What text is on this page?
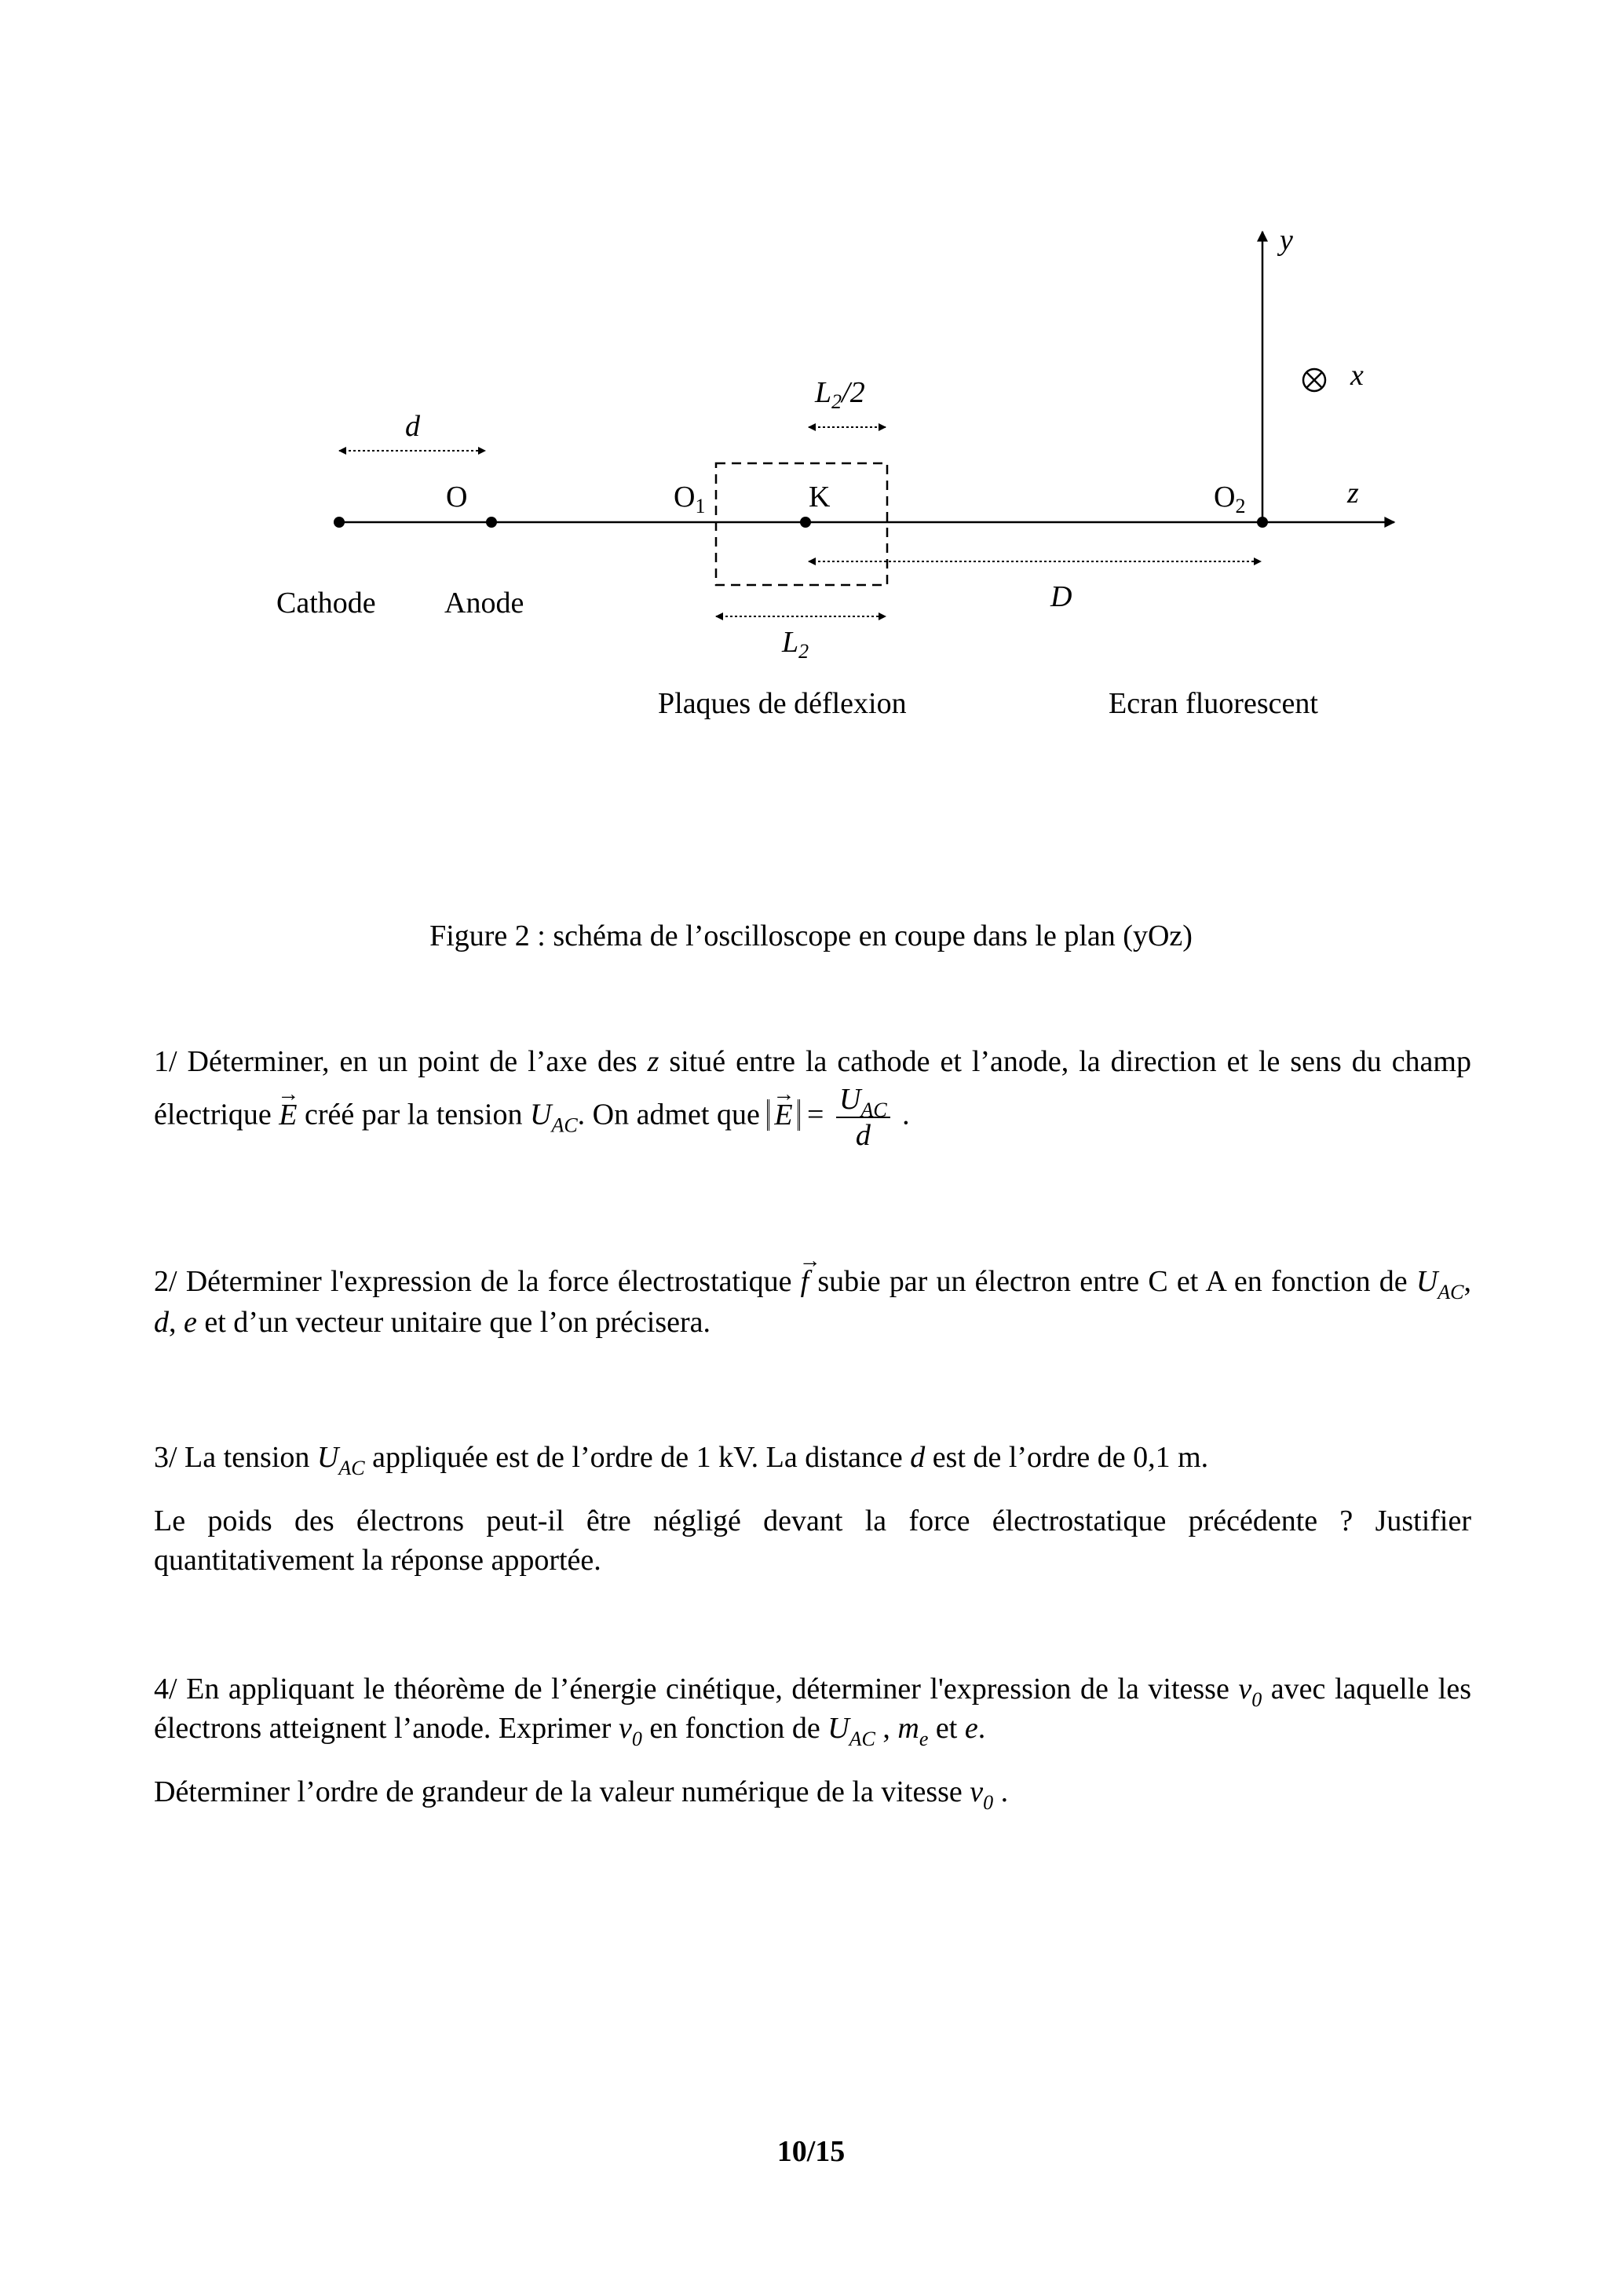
d
$L_2/2$
O	$O_1$	K	$O_2$	z
y
x
Cathode Anode	D
$L_2$
Plaques de déflexion	Ecran fluorescent
Figure 2 : schéma de l’oscilloscope en coupe dans le plan (yOz)
1/ Déterminer, en un point de l’axe des z situé entre la cathode et l’anode, la direction et le sens du champ électrique → E créé par la tension $U_{AC}$. On admet que → $E = \frac{U_{AC}}{d}$ .
2/ Déterminer l'expression de la force électrostatique → f subie par un électron entre C et A en fonction de $U_{AC}$, d, e et d’un vecteur unitaire que l’on précisera.
3/ La tension $U_{AC}$ appliquée est de l’ordre de 1 kV. La distance d est de l’ordre de 0,1 m.
Le poids des électrons peut-il être négligé devant la force électrostatique précédente ? Justifier quantitativement la réponse apportée.
4/ En appliquant le théorème de l’énergie cinétique, déterminer l'expression de la vitesse $v_0$ avec laquelle les électrons atteignent l’anode. Exprimer $v_0$ en fonction de $U_{AC}$ , $m_e$ et e.
Déterminer l’ordre de grandeur de la valeur numérique de la vitesse $v_0$ .
10/15
